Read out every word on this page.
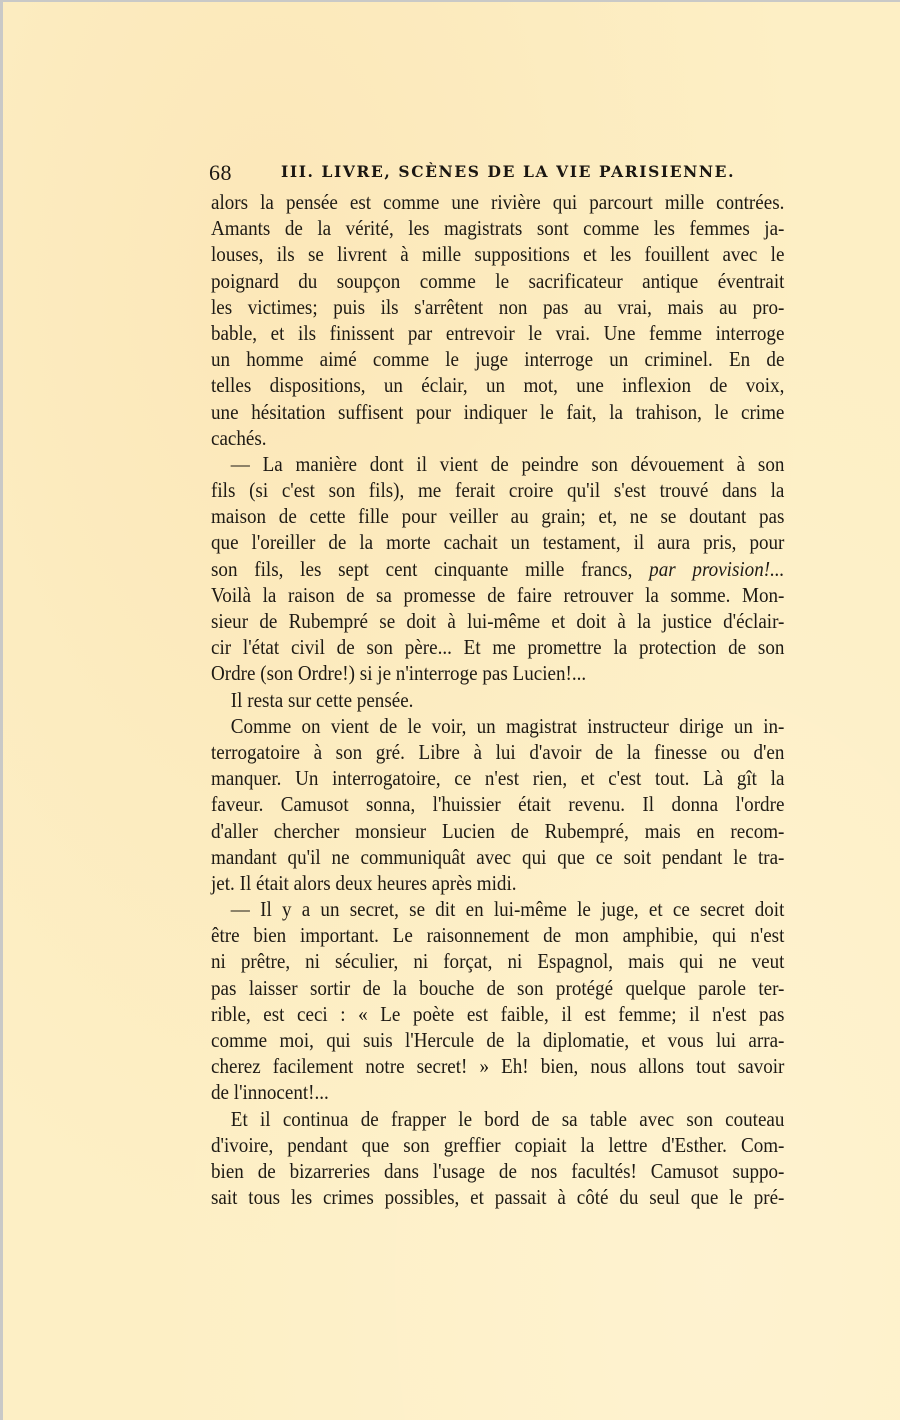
68	III. LIVRE, SCÈNES DE LA VIE PARISIENNE.
alors la pensée est comme une rivière qui parcourt mille contrées.
Amants de la vérité, les magistrats sont comme les femmes ja-
louses, ils se livrent à mille suppositions et les fouillent avec le
poignard du soupçon comme le sacrificateur antique éventrait
les victimes; puis ils s'arrêtent non pas au vrai, mais au pro-
bable, et ils finissent par entrevoir le vrai. Une femme interroge
un homme aimé comme le juge interroge un criminel. En de
telles dispositions, un éclair, un mot, une inflexion de voix,
une hésitation suffisent pour indiquer le fait, la trahison, le crime
cachés.
— La manière dont il vient de peindre son dévouement à son
fils (si c'est son fils), me ferait croire qu'il s'est trouvé dans la
maison de cette fille pour veiller au grain; et, ne se doutant pas
que l'oreiller de la morte cachait un testament, il aura pris, pour
son fils, les sept cent cinquante mille francs, par provision!...
Voilà la raison de sa promesse de faire retrouver la somme. Mon-
sieur de Rubempré se doit à lui-même et doit à la justice d'éclair-
cir l'état civil de son père... Et me promettre la protection de son
Ordre (son Ordre!) si je n'interroge pas Lucien!...
Il resta sur cette pensée.
Comme on vient de le voir, un magistrat instructeur dirige un in-
terrogatoire à son gré. Libre à lui d'avoir de la finesse ou d'en
manquer. Un interrogatoire, ce n'est rien, et c'est tout. Là gît la
faveur. Camusot sonna, l'huissier était revenu. Il donna l'ordre
d'aller chercher monsieur Lucien de Rubempré, mais en recom-
mandant qu'il ne communiquât avec qui que ce soit pendant le tra-
jet. Il était alors deux heures après midi.
— Il y a un secret, se dit en lui-même le juge, et ce secret doit
être bien important. Le raisonnement de mon amphibie, qui n'est
ni prêtre, ni séculier, ni forçat, ni Espagnol, mais qui ne veut
pas laisser sortir de la bouche de son protégé quelque parole ter-
rible, est ceci : « Le poète est faible, il est femme; il n'est pas
comme moi, qui suis l'Hercule de la diplomatie, et vous lui arra-
cherez facilement notre secret! » Eh! bien, nous allons tout savoir
de l'innocent!...
Et il continua de frapper le bord de sa table avec son couteau
d'ivoire, pendant que son greffier copiait la lettre d'Esther. Com-
bien de bizarreries dans l'usage de nos facultés! Camusot suppo-
sait tous les crimes possibles, et passait à côté du seul que le pré-
